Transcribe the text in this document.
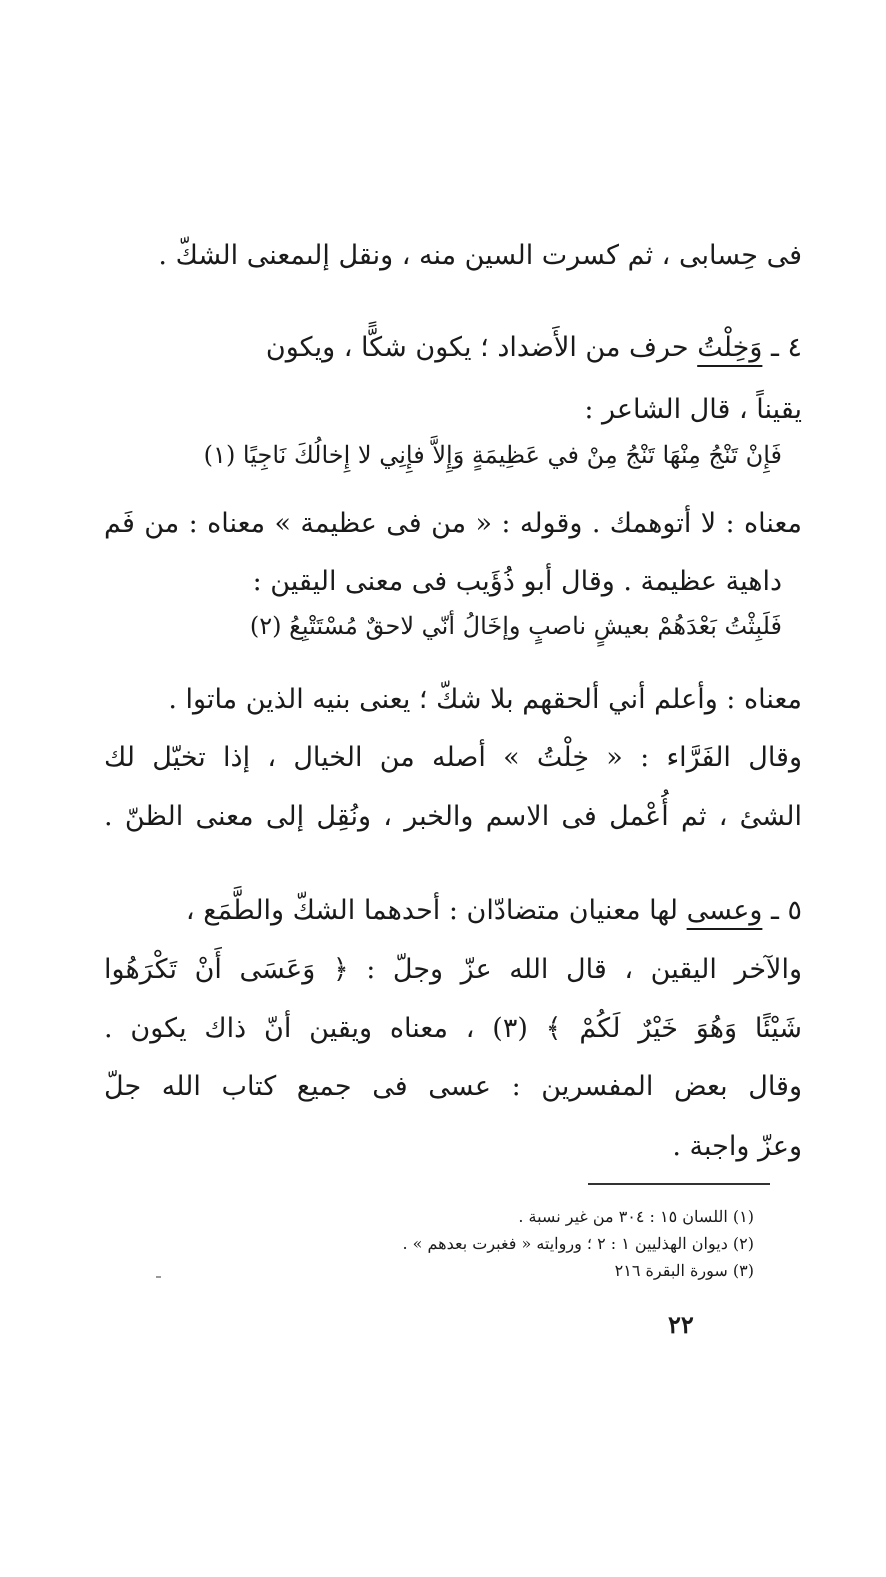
فى حِسابى ، ثم كسرت السين منه ، ونقل إلىمعنى الشكّ .
٤ ـ وَخِلْتُ حرف من الأَضداد ؛ يكون شكًّا ، ويكون
يقيناً ، قال الشاعر :
فَإِنْ تَنْجُ مِنْهَا تَنْجُ مِنْ في عَظِيمَةٍ وَإِلاَّ فإِنِي لا إِخالُكَ نَاجِيًا (١)
معناه : لا أتوهمك . وقوله : « من فى عظيمة » معناه : من فَم
داهية عظيمة . وقال أبو ذُؤَيب فى معنى اليقين :
فَلَبِثْتُ بَعْدَهُمْ بعيشٍ ناصبٍ وإخَالُ أنّي لاحقٌ مُسْتَتْبِعُ (٢)
معناه : وأعلم أني ألحقهم بلا شكّ ؛ يعنى بنيه الذين ماتوا .
وقال الفَرَّاء : « خِلْتُ » أصله من الخيال ، إذا تخيّل لك
الشئ ، ثم أُعْمل فى الاسم والخبر ، ونُقِل إلى معنى الظنّ .
٥ ـ وعسى لها معنيان متضادّان : أحدهما الشكّ والطَّمَع ،
والآخر اليقين ، قال الله عزّ وجلّ : ﴿ وَعَسَى أَنْ تَكْرَهُوا
شَيْئًا وَهُوَ خَيْرٌ لَكُمْ ﴾ (٣) ، معناه ويقين أنّ ذاك يكون .
وقال بعض المفسرين : عسى فى جميع كتاب الله جلّ
وعزّ واجبة .
(١) اللسان ١٥ : ٣٠٤ من غير نسبة .
(٢) ديوان الهذليين ١ : ٢ ؛ وروايته « فغبرت بعدهم » .
(٣) سورة البقرة ٢١٦
٢٢
